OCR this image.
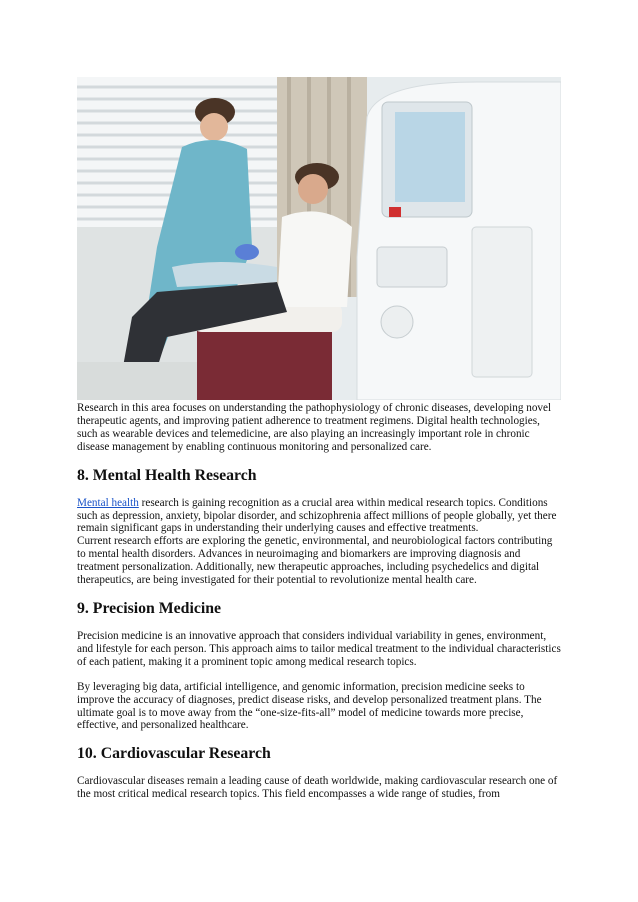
Research in this area focuses on understanding the pathophysiology of chronic diseases, developing novel therapeutic agents, and improving patient adherence to treatment regimens. Digital health technologies, such as wearable devices and telemedicine, are also playing an increasingly important role in chronic disease management by enabling continuous monitoring and personalized care.

8. Mental Health Research

Mental health research is gaining recognition as a crucial area within medical research topics. Conditions such as depression, anxiety, bipolar disorder, and schizophrenia affect millions of people globally, yet there remain significant gaps in understanding their underlying causes and effective treatments.

Current research efforts are exploring the genetic, environmental, and neurobiological factors contributing to mental health disorders. Advances in neuroimaging and biomarkers are improving diagnosis and treatment personalization. Additionally, new therapeutic approaches, including psychedelics and digital therapeutics, are being investigated for their potential to revolutionize mental health care.

9. Precision Medicine

Precision medicine is an innovative approach that considers individual variability in genes, environment, and lifestyle for each person. This approach aims to tailor medical treatment to the individual characteristics of each patient, making it a prominent topic among medical research topics.

By leveraging big data, artificial intelligence, and genomic information, precision medicine seeks to improve the accuracy of diagnoses, predict disease risks, and develop personalized treatment plans. The ultimate goal is to move away from the “one-size-fits-all” model of medicine towards more precise, effective, and personalized healthcare.

10. Cardiovascular Research

Cardiovascular diseases remain a leading cause of death worldwide, making cardiovascular research one of the most critical medical research topics. This field encompasses a wide range of studies, from
